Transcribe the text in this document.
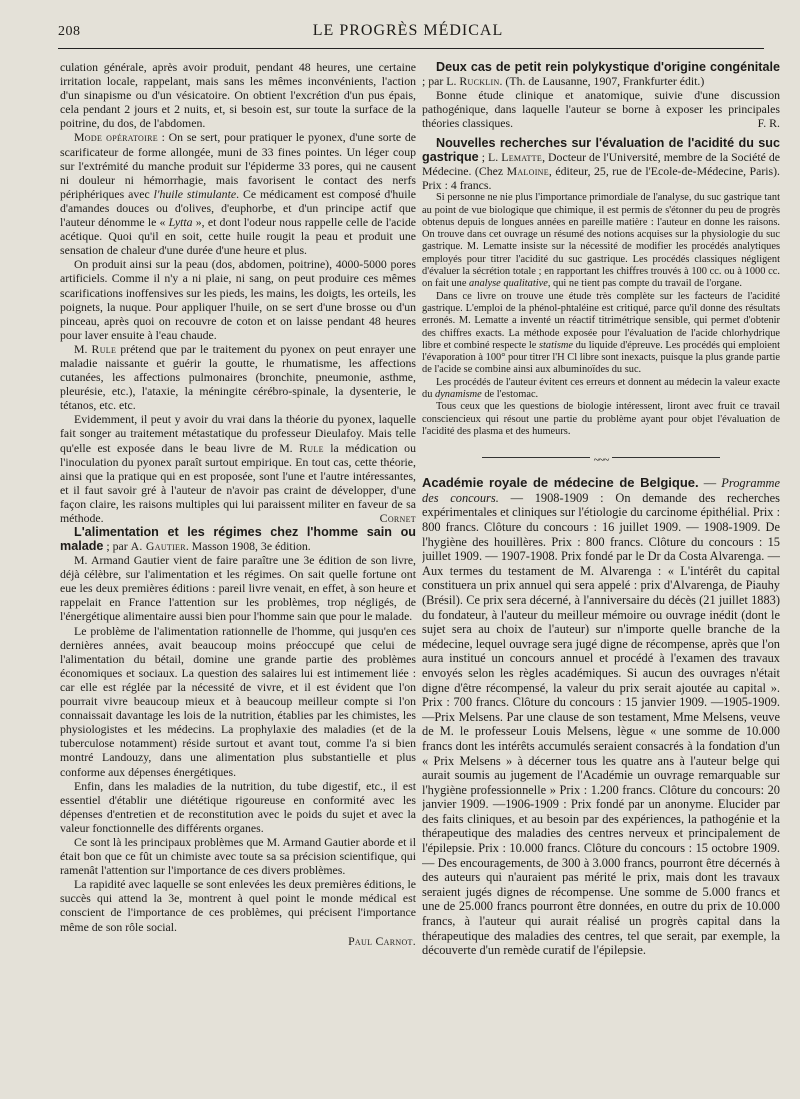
208	LE PROGRÈS MÉDICAL

culation générale, après avoir produit, pendant 48 heures, une certaine irritation locale, rappelant, mais sans les mêmes inconvénients, l'action d'un sinapisme ou d'un vésicatoire. On obtient l'excrétion d'un pus épais, cela pendant 2 jours et 2 nuits, et, si besoin est, sur toute la surface de la poitrine, du dos, de l'abdomen.

Mode opératoire : On se sert, pour pratiquer le pyonex, d'une sorte de scarificateur de forme allongée, muni de 33 fines pointes. Un léger coup sur l'extrémité du manche produit sur l'épiderme 33 pores, qui ne causent ni douleur ni hémorrhagie, mais favorisent le contact des nerfs périphériques avec l'huile stimulante. Ce médicament est composé d'huile d'amandes douces ou d'olives, d'euphorbe, et d'un principe actif que l'auteur dénomme le « Lytta », et dont l'odeur nous rappelle celle de l'acide acétique. Quoi qu'il en soit, cette huile rougit la peau et produit une sensation de chaleur d'une durée d'une heure et plus.

On produit ainsi sur la peau (dos, abdomen, poitrine), 4000-5000 pores artificiels. Comme il n'y a ni plaie, ni sang, on peut produire ces mêmes scarifications inoffensives sur les pieds, les mains, les doigts, les orteils, les poignets, la nuque. Pour appliquer l'huile, on se sert d'une brosse ou d'un pinceau, après quoi on recouvre de coton et on laisse pendant 48 heures pour laver ensuite à l'eau chaude.

M. Rule prétend que par le traitement du pyonex on peut enrayer une maladie naissante et guérir la goutte, le rhumatisme, les affections cutanées, les affections pulmonaires (bronchite, pneumonie, asthme, pleurésie, etc.), l'ataxie, la méningite cérébro-spinale, la dysenterie, le tétanos, etc. etc.

Evidemment, il peut y avoir du vrai dans la théorie du pyonex, laquelle fait songer au traitement métastatique du professeur Dieulafoy. Mais telle qu'elle est exposée dans le beau livre de M. Rule la médication ou l'inoculation du pyonex paraît surtout empirique. En tout cas, cette théorie, ainsi que la pratique qui en est proposée, sont l'une et l'autre intéressantes, et il faut savoir gré à l'auteur de n'avoir pas craint de développer, d'une façon claire, les raisons multiples qui lui paraissent militer en faveur de sa méthode.	Cornet

L'alimentation et les régimes chez l'homme sain ou malade ; par A. Gautier. Masson 1908, 3e édition.

M. Armand Gautier vient de faire paraître une 3e édition de son livre, déjà célèbre, sur l'alimentation et les régimes. On sait quelle fortune ont eue les deux premières éditions : pareil livre venait, en effet, à son heure et rappelait en France l'attention sur les problèmes, trop négligés, de l'énergétique alimentaire aussi bien pour l'homme sain que pour le malade.

Le problème de l'alimentation rationnelle de l'homme, qui jusqu'en ces dernières années, avait beaucoup moins préoccupé que celui de l'alimentation du bétail, domine une grande partie des problèmes économiques et sociaux. La question des salaires lui est intimement liée : car elle est réglée par la nécessité de vivre, et il est évident que l'on pourrait vivre beaucoup mieux et à beaucoup meilleur compte si l'on connaissait davantage les lois de la nutrition, établies par les chimistes, les physiologistes et les médecins. La prophylaxie des maladies (et de la tuberculose notamment) réside surtout et avant tout, comme l'a si bien montré Landouzy, dans une alimentation plus substantielle et plus conforme aux dépenses énergétiques.

Enfin, dans les maladies de la nutrition, du tube digestif, etc., il est essentiel d'établir une diététique rigoureuse en conformité avec les dépenses d'entretien et de reconstitution avec le poids du sujet et avec la valeur fonctionnelle des différents organes.

Ce sont là les principaux problèmes que M. Armand Gautier aborde et il était bon que ce fût un chimiste avec toute sa sa précision scientifique, qui ramenât l'attention sur l'importance de ces divers problèmes.

La rapidité avec laquelle se sont enlevées les deux premières éditions, le succès qui attend la 3e, montrent à quel point le monde médical est conscient de l'importance de ces problèmes, qui précisent l'importance même de son rôle social.

Paul Carnot.

Deux cas de petit rein polykystique d'origine congénitale ; par L. Rucklin. (Th. de Lausanne, 1907, Frankfurter édit.)

Bonne étude clinique et anatomique, suivie d'une discussion pathogénique, dans laquelle l'auteur se borne à exposer les principales théories classiques.	F. R.

Nouvelles recherches sur l'évaluation de l'acidité du suc gastrique ; L. Lematte, Docteur de l'Université, membre de la Société de Médecine. (Chez Maloine, éditeur, 25, rue de l'Ecole-de-Médecine, Paris). Prix : 4 francs.

Si personne ne nie plus l'importance primordiale de l'analyse, du suc gastrique tant au point de vue biologique que chimique, il est permis de s'étonner du peu de progrès obtenus depuis de longues années en pareille matière : l'auteur en donne les raisons. On trouve dans cet ouvrage un résumé des notions acquises sur la physiologie du suc gastrique. M. Lematte insiste sur la nécessité de modifier les procédés analytiques employés pour titrer l'acidité du suc gastrique. Les procédés classiques négligent d'évaluer la sécrétion totale ; en rapportant les chiffres trouvés à 100 cc. ou à 1000 cc. on fait une analyse qualitative, qui ne tient pas compte du travail de l'organe.

Dans ce livre on trouve une étude très complète sur les facteurs de l'acidité gastrique. L'emploi de la phénol-phtaléine est critiqué, parce qu'il donne des résultats erronés. M. Lematte a inventé un réactif titrimétrique sensible, qui permet d'obtenir des chiffres exacts. La méthode exposée pour l'évaluation de l'acide chlorhydrique libre et combiné respecte le statisme du liquide d'épreuve. Les procédés qui emploient l'évaporation à 100° pour titrer l'H Cl libre sont inexacts, puisque la plus grande partie de l'acide se combine ainsi aux albuminoïdes du suc.

Les procédés de l'auteur évitent ces erreurs et donnent au médecin la valeur exacte du dynamisme de l'estomac.

Tous ceux que les questions de biologie intéressent, liront avec fruit ce travail consciencieux qui résout une partie du problème ayant pour objet l'évaluation de l'acidité des plasma et des humeurs.

~~~

Académie royale de médecine de Belgique. — Programme des concours. — 1908-1909 : On demande des recherches expérimentales et cliniques sur l'étiologie du carcinome épithélial. Prix : 800 francs. Clôture du concours : 16 juillet 1909. — 1908-1909. De l'hygiène des houillères. Prix : 800 francs. Clôture du concours : 15 juillet 1909. — 1907-1908. Prix fondé par le Dr da Costa Alvarenga. — Aux termes du testament de M. Alvarenga : « L'intérêt du capital constituera un prix annuel qui sera appelé : prix d'Alvarenga, de Piauhy (Brésil). Ce prix sera décerné, à l'anniversaire du décès (21 juillet 1883) du fondateur, à l'auteur du meilleur mémoire ou ouvrage inédit (dont le sujet sera au choix de l'auteur) sur n'importe quelle branche de la médecine, lequel ouvrage sera jugé digne de récompense, après que l'on aura institué un concours annuel et procédé à l'examen des travaux envoyés selon les règles académiques. Si aucun des ouvrages n'était digne d'être récompensé, la valeur du prix serait ajoutée au capital ». Prix : 700 francs. Clôture du concours : 15 janvier 1909. —1905-1909. —Prix Melsens. Par une clause de son testament, Mme Melsens, veuve de M. le professeur Louis Melsens, lègue « une somme de 10.000 francs dont les intérêts accumulés seraient consacrés à la fondation d'un « Prix Melsens » à décerner tous les quatre ans à l'auteur belge qui aurait soumis au jugement de l'Académie un ouvrage remarquable sur l'hygiène professionnelle » Prix : 1.200 francs. Clôture du concours: 20 janvier 1909. —1906-1909 : Prix fondé par un anonyme. Elucider par des faits cliniques, et au besoin par des expériences, la pathogénie et la thérapeutique des maladies des centres nerveux et principalement de l'épilepsie. Prix : 10.000 francs. Clôture du concours : 15 octobre 1909. — Des encouragements, de 300 à 3.000 francs, pourront être décernés à des auteurs qui n'auraient pas mérité le prix, mais dont les travaux seraient jugés dignes de récompense. Une somme de 5.000 francs et une de 25.000 francs pourront être données, en outre du prix de 10.000 francs, à l'auteur qui aurait réalisé un progrès capital dans la thérapeutique des maladies des centres, tel que serait, par exemple, la découverte d'un remède curatif de l'épilepsie.
